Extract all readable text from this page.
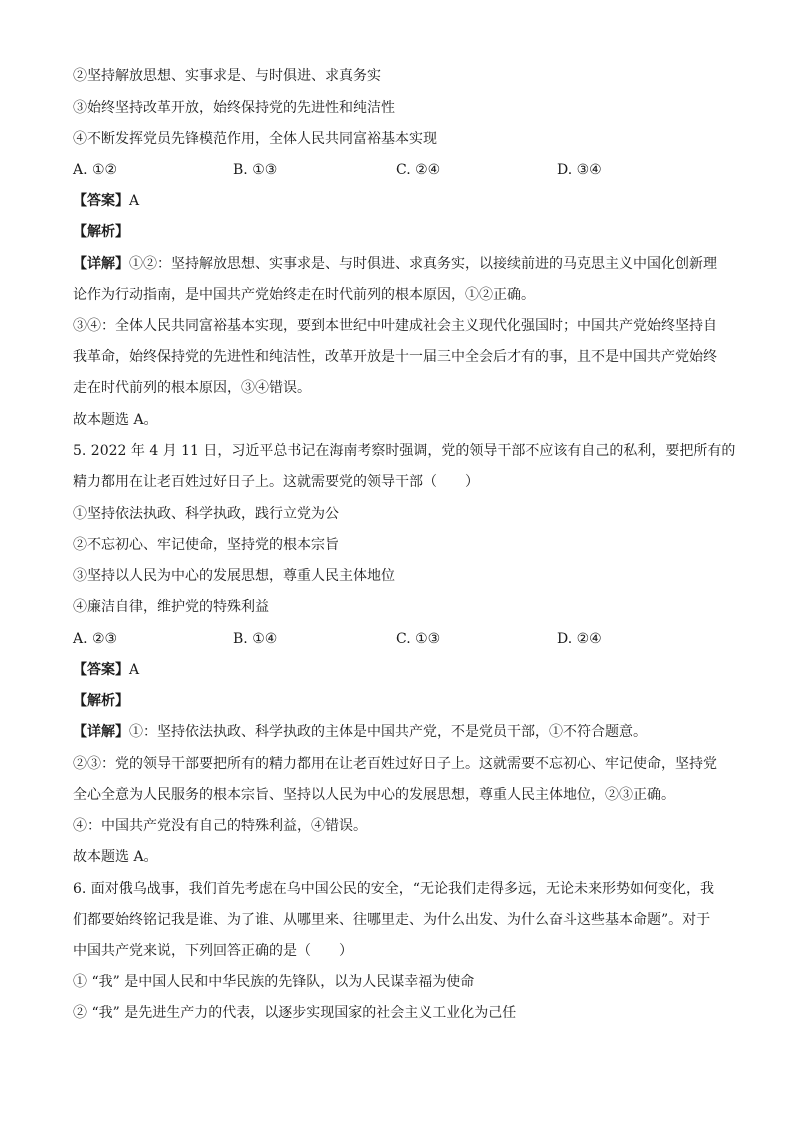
②坚持解放思想、实事求是、与时俱进、求真务实
③始终坚持改革开放，始终保持党的先进性和纯洁性
④不断发挥党员先锋模范作用，全体人民共同富裕基本实现
A. ①②	B. ①③	C. ②④	D. ③④
【答案】A
【解析】
【详解】①②：坚持解放思想、实事求是、与时俱进、求真务实，以接续前进的马克思主义中国化创新理
论作为行动指南，是中国共产党始终走在时代前列的根本原因，①②正确。
③④：全体人民共同富裕基本实现，要到本世纪中叶建成社会主义现代化强国时；中国共产党始终坚持自
我革命，始终保持党的先进性和纯洁性，改革开放是十一届三中全会后才有的事，且不是中国共产党始终
走在时代前列的根本原因，③④错误。
故本题选 A。
5. 2022 年 4 月 11 日，习近平总书记在海南考察时强调，党的领导干部不应该有自己的私利，要把所有的
精力都用在让老百姓过好日子上。这就需要党的领导干部（　　）
①坚持依法执政、科学执政，践行立党为公
②不忘初心、牢记使命，坚持党的根本宗旨
③坚持以人民为中心的发展思想，尊重人民主体地位
④廉洁自律，维护党的特殊利益
A. ②③	B. ①④	C. ①③	D. ②④
【答案】A
【解析】
【详解】①：坚持依法执政、科学执政的主体是中国共产党，不是党员干部，①不符合题意。
②③：党的领导干部要把所有的精力都用在让老百姓过好日子上。这就需要不忘初心、牢记使命，坚持党
全心全意为人民服务的根本宗旨、坚持以人民为中心的发展思想，尊重人民主体地位，②③正确。
④：中国共产党没有自己的特殊利益，④错误。
故本题选 A。
6. 面对俄乌战事，我们首先考虑在乌中国公民的安全，“无论我们走得多远，无论未来形势如何变化，我
们都要始终铭记我是谁、为了谁、从哪里来、往哪里走、为什么出发、为什么奋斗这些基本命题”。对于
中国共产党来说，下列回答正确的是（　　）
① “我” 是中国人民和中华民族的先锋队，以为人民谋幸福为使命
② “我” 是先进生产力的代表，以逐步实现国家的社会主义工业化为己任
